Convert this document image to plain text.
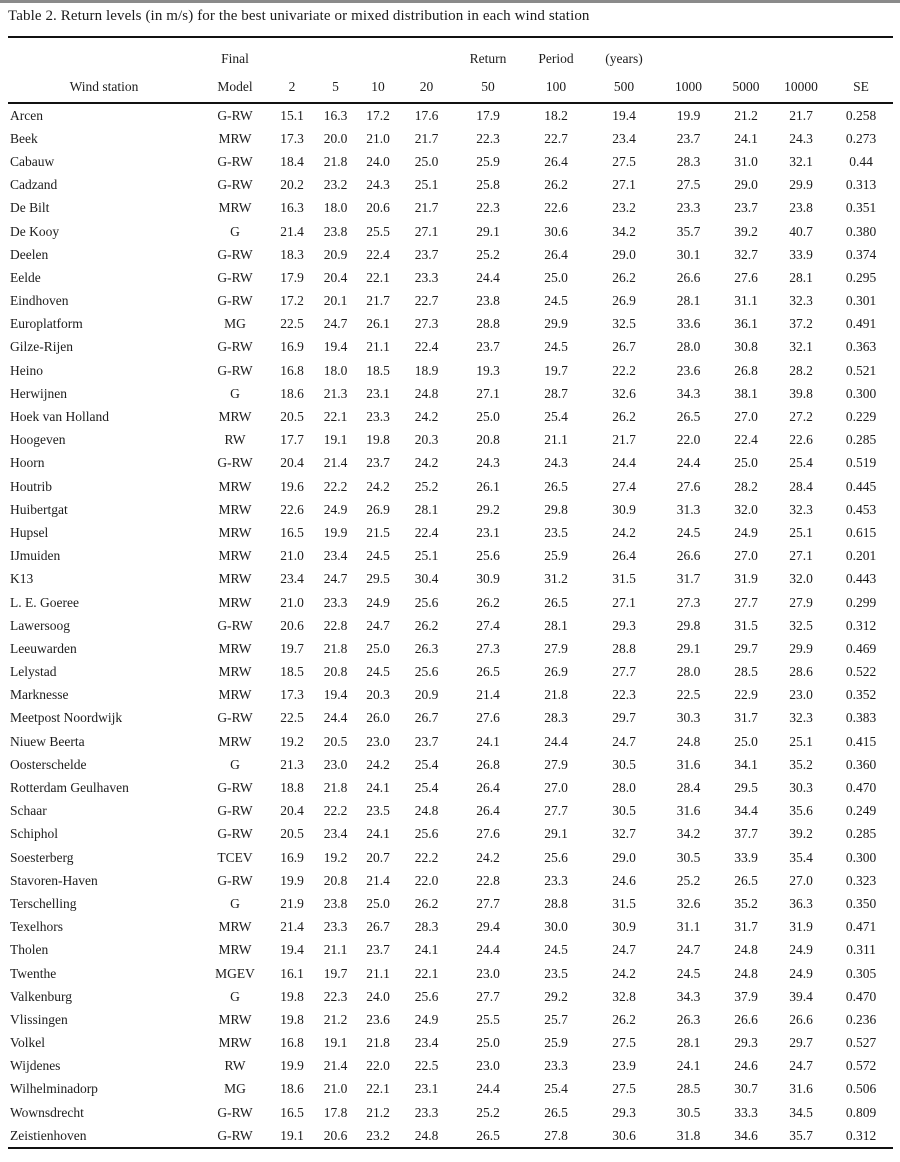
Table 2. Return levels (in m/s) for the best univariate or mixed distribution in each wind station
	Final					Return	Period	(years)				
Wind station	Model	2	5	10	20	50	100	500	1000	5000	10000	SE
Arcen	G-RW	15.1	16.3	17.2	17.6	17.9	18.2	19.4	19.9	21.2	21.7	0.258
Beek	MRW	17.3	20.0	21.0	21.7	22.3	22.7	23.4	23.7	24.1	24.3	0.273
Cabauw	G-RW	18.4	21.8	24.0	25.0	25.9	26.4	27.5	28.3	31.0	32.1	0.44
Cadzand	G-RW	20.2	23.2	24.3	25.1	25.8	26.2	27.1	27.5	29.0	29.9	0.313
De Bilt	MRW	16.3	18.0	20.6	21.7	22.3	22.6	23.2	23.3	23.7	23.8	0.351
De Kooy	G	21.4	23.8	25.5	27.1	29.1	30.6	34.2	35.7	39.2	40.7	0.380
Deelen	G-RW	18.3	20.9	22.4	23.7	25.2	26.4	29.0	30.1	32.7	33.9	0.374
Eelde	G-RW	17.9	20.4	22.1	23.3	24.4	25.0	26.2	26.6	27.6	28.1	0.295
Eindhoven	G-RW	17.2	20.1	21.7	22.7	23.8	24.5	26.9	28.1	31.1	32.3	0.301
Europlatform	MG	22.5	24.7	26.1	27.3	28.8	29.9	32.5	33.6	36.1	37.2	0.491
Gilze-Rijen	G-RW	16.9	19.4	21.1	22.4	23.7	24.5	26.7	28.0	30.8	32.1	0.363
Heino	G-RW	16.8	18.0	18.5	18.9	19.3	19.7	22.2	23.6	26.8	28.2	0.521
Herwijnen	G	18.6	21.3	23.1	24.8	27.1	28.7	32.6	34.3	38.1	39.8	0.300
Hoek van Holland	MRW	20.5	22.1	23.3	24.2	25.0	25.4	26.2	26.5	27.0	27.2	0.229
Hoogeven	RW	17.7	19.1	19.8	20.3	20.8	21.1	21.7	22.0	22.4	22.6	0.285
Hoorn	G-RW	20.4	21.4	23.7	24.2	24.3	24.3	24.4	24.4	25.0	25.4	0.519
Houtrib	MRW	19.6	22.2	24.2	25.2	26.1	26.5	27.4	27.6	28.2	28.4	0.445
Huibertgat	MRW	22.6	24.9	26.9	28.1	29.2	29.8	30.9	31.3	32.0	32.3	0.453
Hupsel	MRW	16.5	19.9	21.5	22.4	23.1	23.5	24.2	24.5	24.9	25.1	0.615
IJmuiden	MRW	21.0	23.4	24.5	25.1	25.6	25.9	26.4	26.6	27.0	27.1	0.201
K13	MRW	23.4	24.7	29.5	30.4	30.9	31.2	31.5	31.7	31.9	32.0	0.443
L. E. Goeree	MRW	21.0	23.3	24.9	25.6	26.2	26.5	27.1	27.3	27.7	27.9	0.299
Lawersoog	G-RW	20.6	22.8	24.7	26.2	27.4	28.1	29.3	29.8	31.5	32.5	0.312
Leeuwarden	MRW	19.7	21.8	25.0	26.3	27.3	27.9	28.8	29.1	29.7	29.9	0.469
Lelystad	MRW	18.5	20.8	24.5	25.6	26.5	26.9	27.7	28.0	28.5	28.6	0.522
Marknesse	MRW	17.3	19.4	20.3	20.9	21.4	21.8	22.3	22.5	22.9	23.0	0.352
Meetpost Noordwijk	G-RW	22.5	24.4	26.0	26.7	27.6	28.3	29.7	30.3	31.7	32.3	0.383
Niuew Beerta	MRW	19.2	20.5	23.0	23.7	24.1	24.4	24.7	24.8	25.0	25.1	0.415
Oosterschelde	G	21.3	23.0	24.2	25.4	26.8	27.9	30.5	31.6	34.1	35.2	0.360
Rotterdam Geulhaven	G-RW	18.8	21.8	24.1	25.4	26.4	27.0	28.0	28.4	29.5	30.3	0.470
Schaar	G-RW	20.4	22.2	23.5	24.8	26.4	27.7	30.5	31.6	34.4	35.6	0.249
Schiphol	G-RW	20.5	23.4	24.1	25.6	27.6	29.1	32.7	34.2	37.7	39.2	0.285
Soesterberg	TCEV	16.9	19.2	20.7	22.2	24.2	25.6	29.0	30.5	33.9	35.4	0.300
Stavoren-Haven	G-RW	19.9	20.8	21.4	22.0	22.8	23.3	24.6	25.2	26.5	27.0	0.323
Terschelling	G	21.9	23.8	25.0	26.2	27.7	28.8	31.5	32.6	35.2	36.3	0.350
Texelhors	MRW	21.4	23.3	26.7	28.3	29.4	30.0	30.9	31.1	31.7	31.9	0.471
Tholen	MRW	19.4	21.1	23.7	24.1	24.4	24.5	24.7	24.7	24.8	24.9	0.311
Twenthe	MGEV	16.1	19.7	21.1	22.1	23.0	23.5	24.2	24.5	24.8	24.9	0.305
Valkenburg	G	19.8	22.3	24.0	25.6	27.7	29.2	32.8	34.3	37.9	39.4	0.470
Vlissingen	MRW	19.8	21.2	23.6	24.9	25.5	25.7	26.2	26.3	26.6	26.6	0.236
Volkel	MRW	16.8	19.1	21.8	23.4	25.0	25.9	27.5	28.1	29.3	29.7	0.527
Wijdenes	RW	19.9	21.4	22.0	22.5	23.0	23.3	23.9	24.1	24.6	24.7	0.572
Wilhelminadorp	MG	18.6	21.0	22.1	23.1	24.4	25.4	27.5	28.5	30.7	31.6	0.506
Wownsdrecht	G-RW	16.5	17.8	21.2	23.3	25.2	26.5	29.3	30.5	33.3	34.5	0.809
Zeistienhoven	G-RW	19.1	20.6	23.2	24.8	26.5	27.8	30.6	31.8	34.6	35.7	0.312
